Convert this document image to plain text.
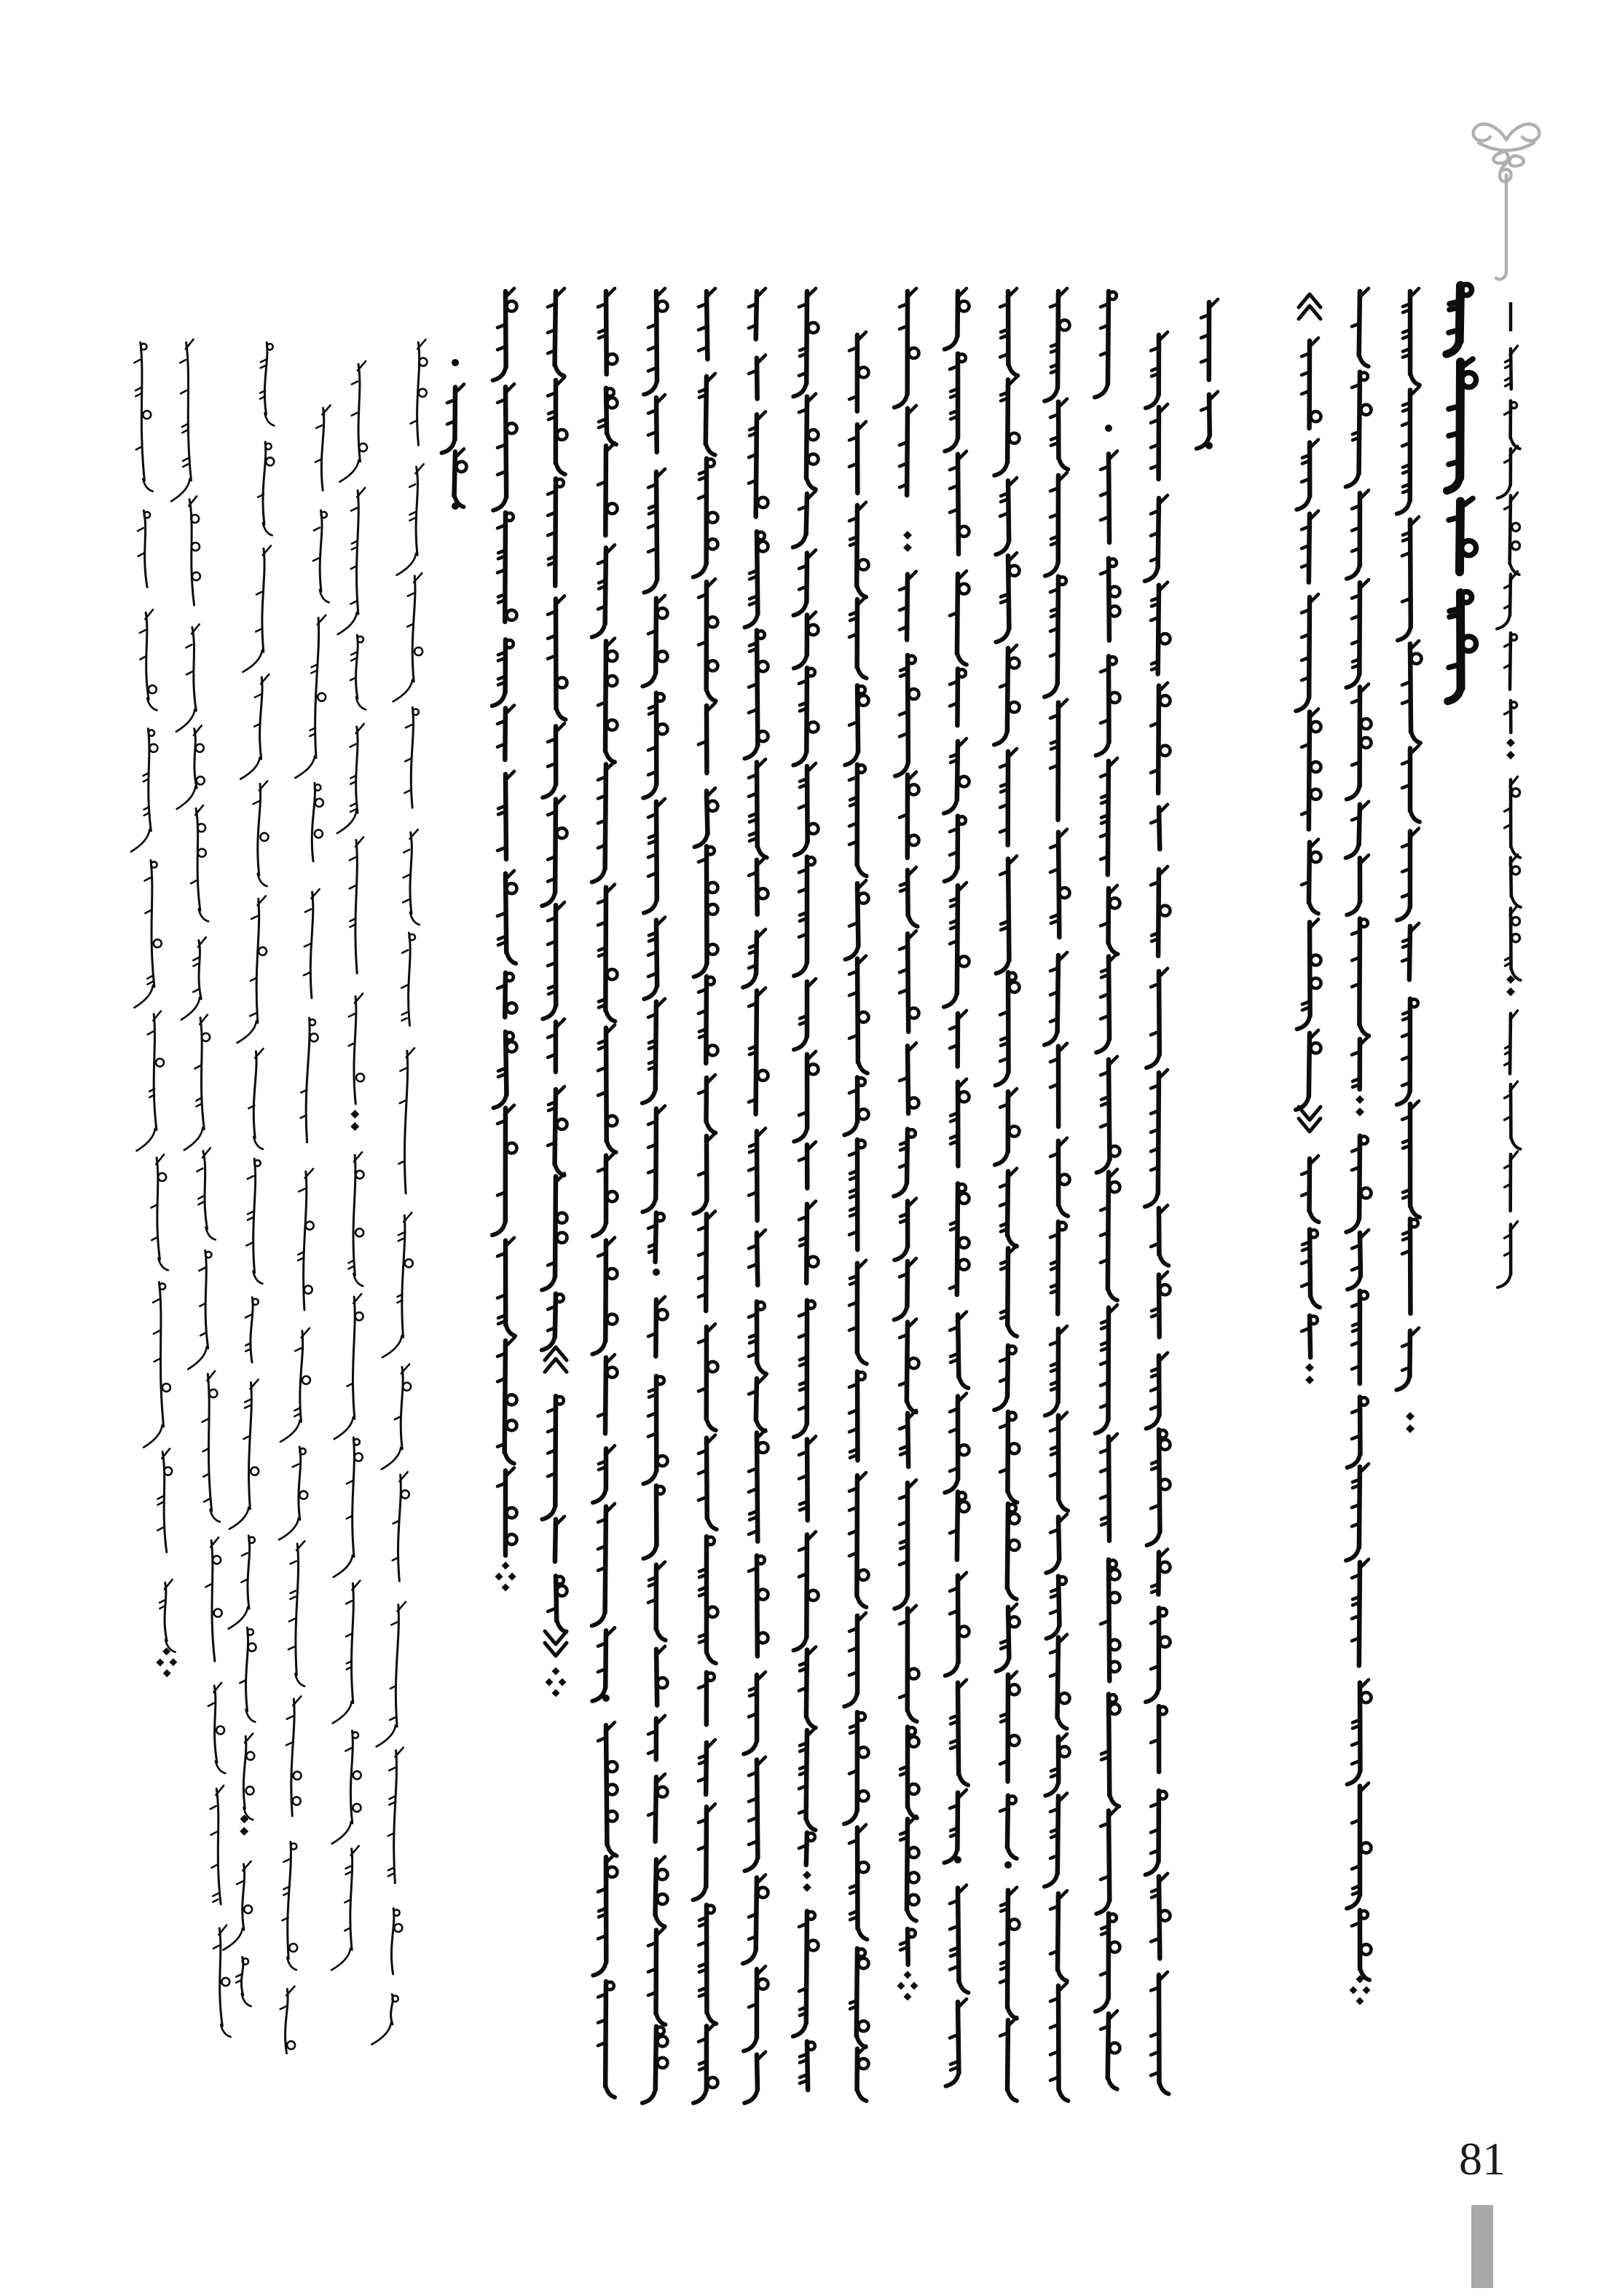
81
